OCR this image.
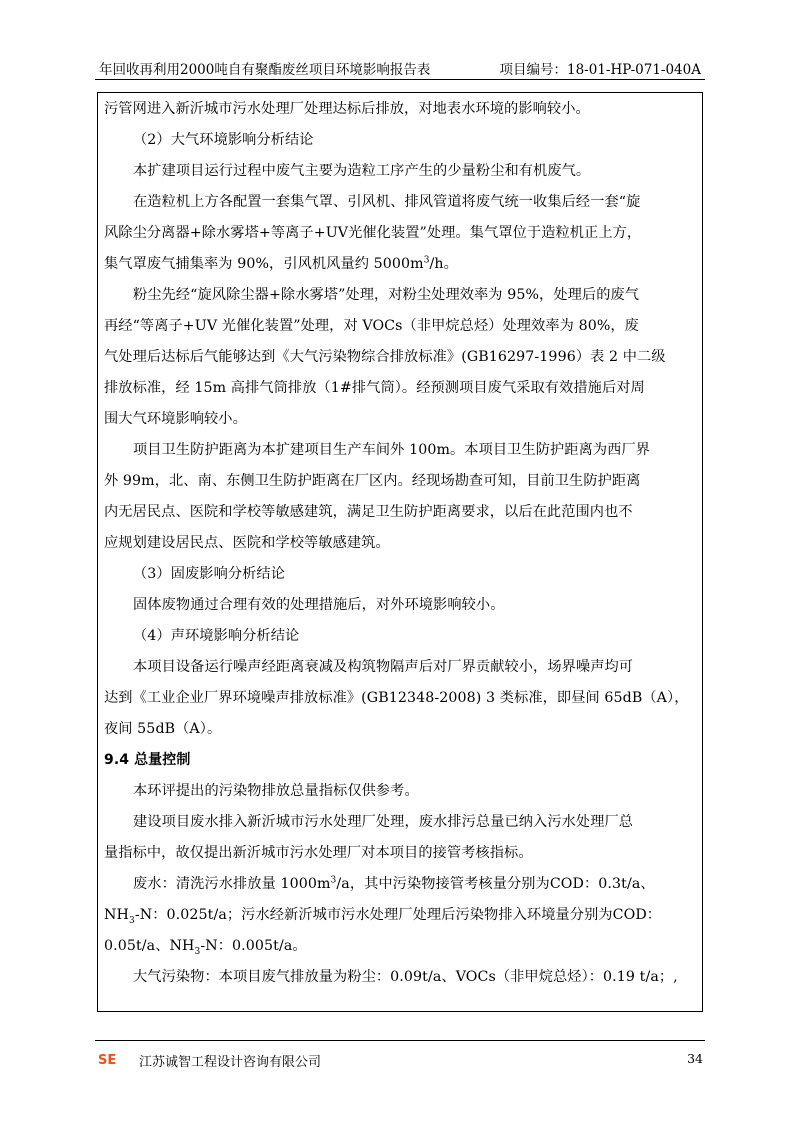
年回收再利用2000吨自有聚酯废丝项目环境影响报告表	项目编号：18-01-HP-071-040A

污管网进入新沂城市污水处理厂处理达标后排放，对地表水环境的影响较小。

（2）大气环境影响分析结论

本扩建项目运行过程中废气主要为造粒工序产生的少量粉尘和有机废气。

在造粒机上方各配置一套集气罩、引风机、排风管道将废气统一收集后经一套“旋

风除尘分离器+除水雾塔+等离子+UV光催化装置”处理。集气罩位于造粒机正上方，

集气罩废气捕集率为 90%，引风机风量约 $5000m^3/h$。

粉尘先经“旋风除尘器+除水雾塔”处理，对粉尘处理效率为 95%，处理后的废气

再经“等离子+UV 光催化装置”处理，对 VOCs（非甲烷总烃）处理效率为 80%，废

气处理后达标后气能够达到《大气污染物综合排放标准》(GB16297-1996）表 2 中二级

排放标准，经 15m 高排气筒排放（1#排气筒）。经预测项目废气采取有效措施后对周

围大气环境影响较小。

项目卫生防护距离为本扩建项目生产车间外 100m。本项目卫生防护距离为西厂界

外 99m，北、南、东侧卫生防护距离在厂区内。经现场勘查可知，目前卫生防护距离

内无居民点、医院和学校等敏感建筑，满足卫生防护距离要求，以后在此范围内也不

应规划建设居民点、医院和学校等敏感建筑。

（3）固废影响分析结论

固体废物通过合理有效的处理措施后，对外环境影响较小。

（4）声环境影响分析结论

本项目设备运行噪声经距离衰减及构筑物隔声后对厂界贡献较小，场界噪声均可

达到《工业企业厂界环境噪声排放标准》(GB12348-2008) 3 类标准，即昼间 65dB（A），

夜间 55dB（A）。

9.4 总量控制

本环评提出的污染物排放总量指标仅供参考。

建设项目废水排入新沂城市污水处理厂处理，废水排污总量已纳入污水处理厂总

量指标中，故仅提出新沂城市污水处理厂对本项目的接管考核指标。

废水：清洗污水排放量 $1000m^3/a$，其中污染物接管考核量分别为COD：0.3t/a、

$NH_3-N$：0.025t/a；污水经新沂城市污水处理厂处理后污染物排入环境量分别为COD：

0.05t/a、$NH_3-N$：0.005t/a。

大气污染物：本项目废气排放量为粉尘：0.09t/a、VOCs（非甲烷总烃）：0.19 t/a；,

SE 江苏诚智工程设计咨询有限公司	34
